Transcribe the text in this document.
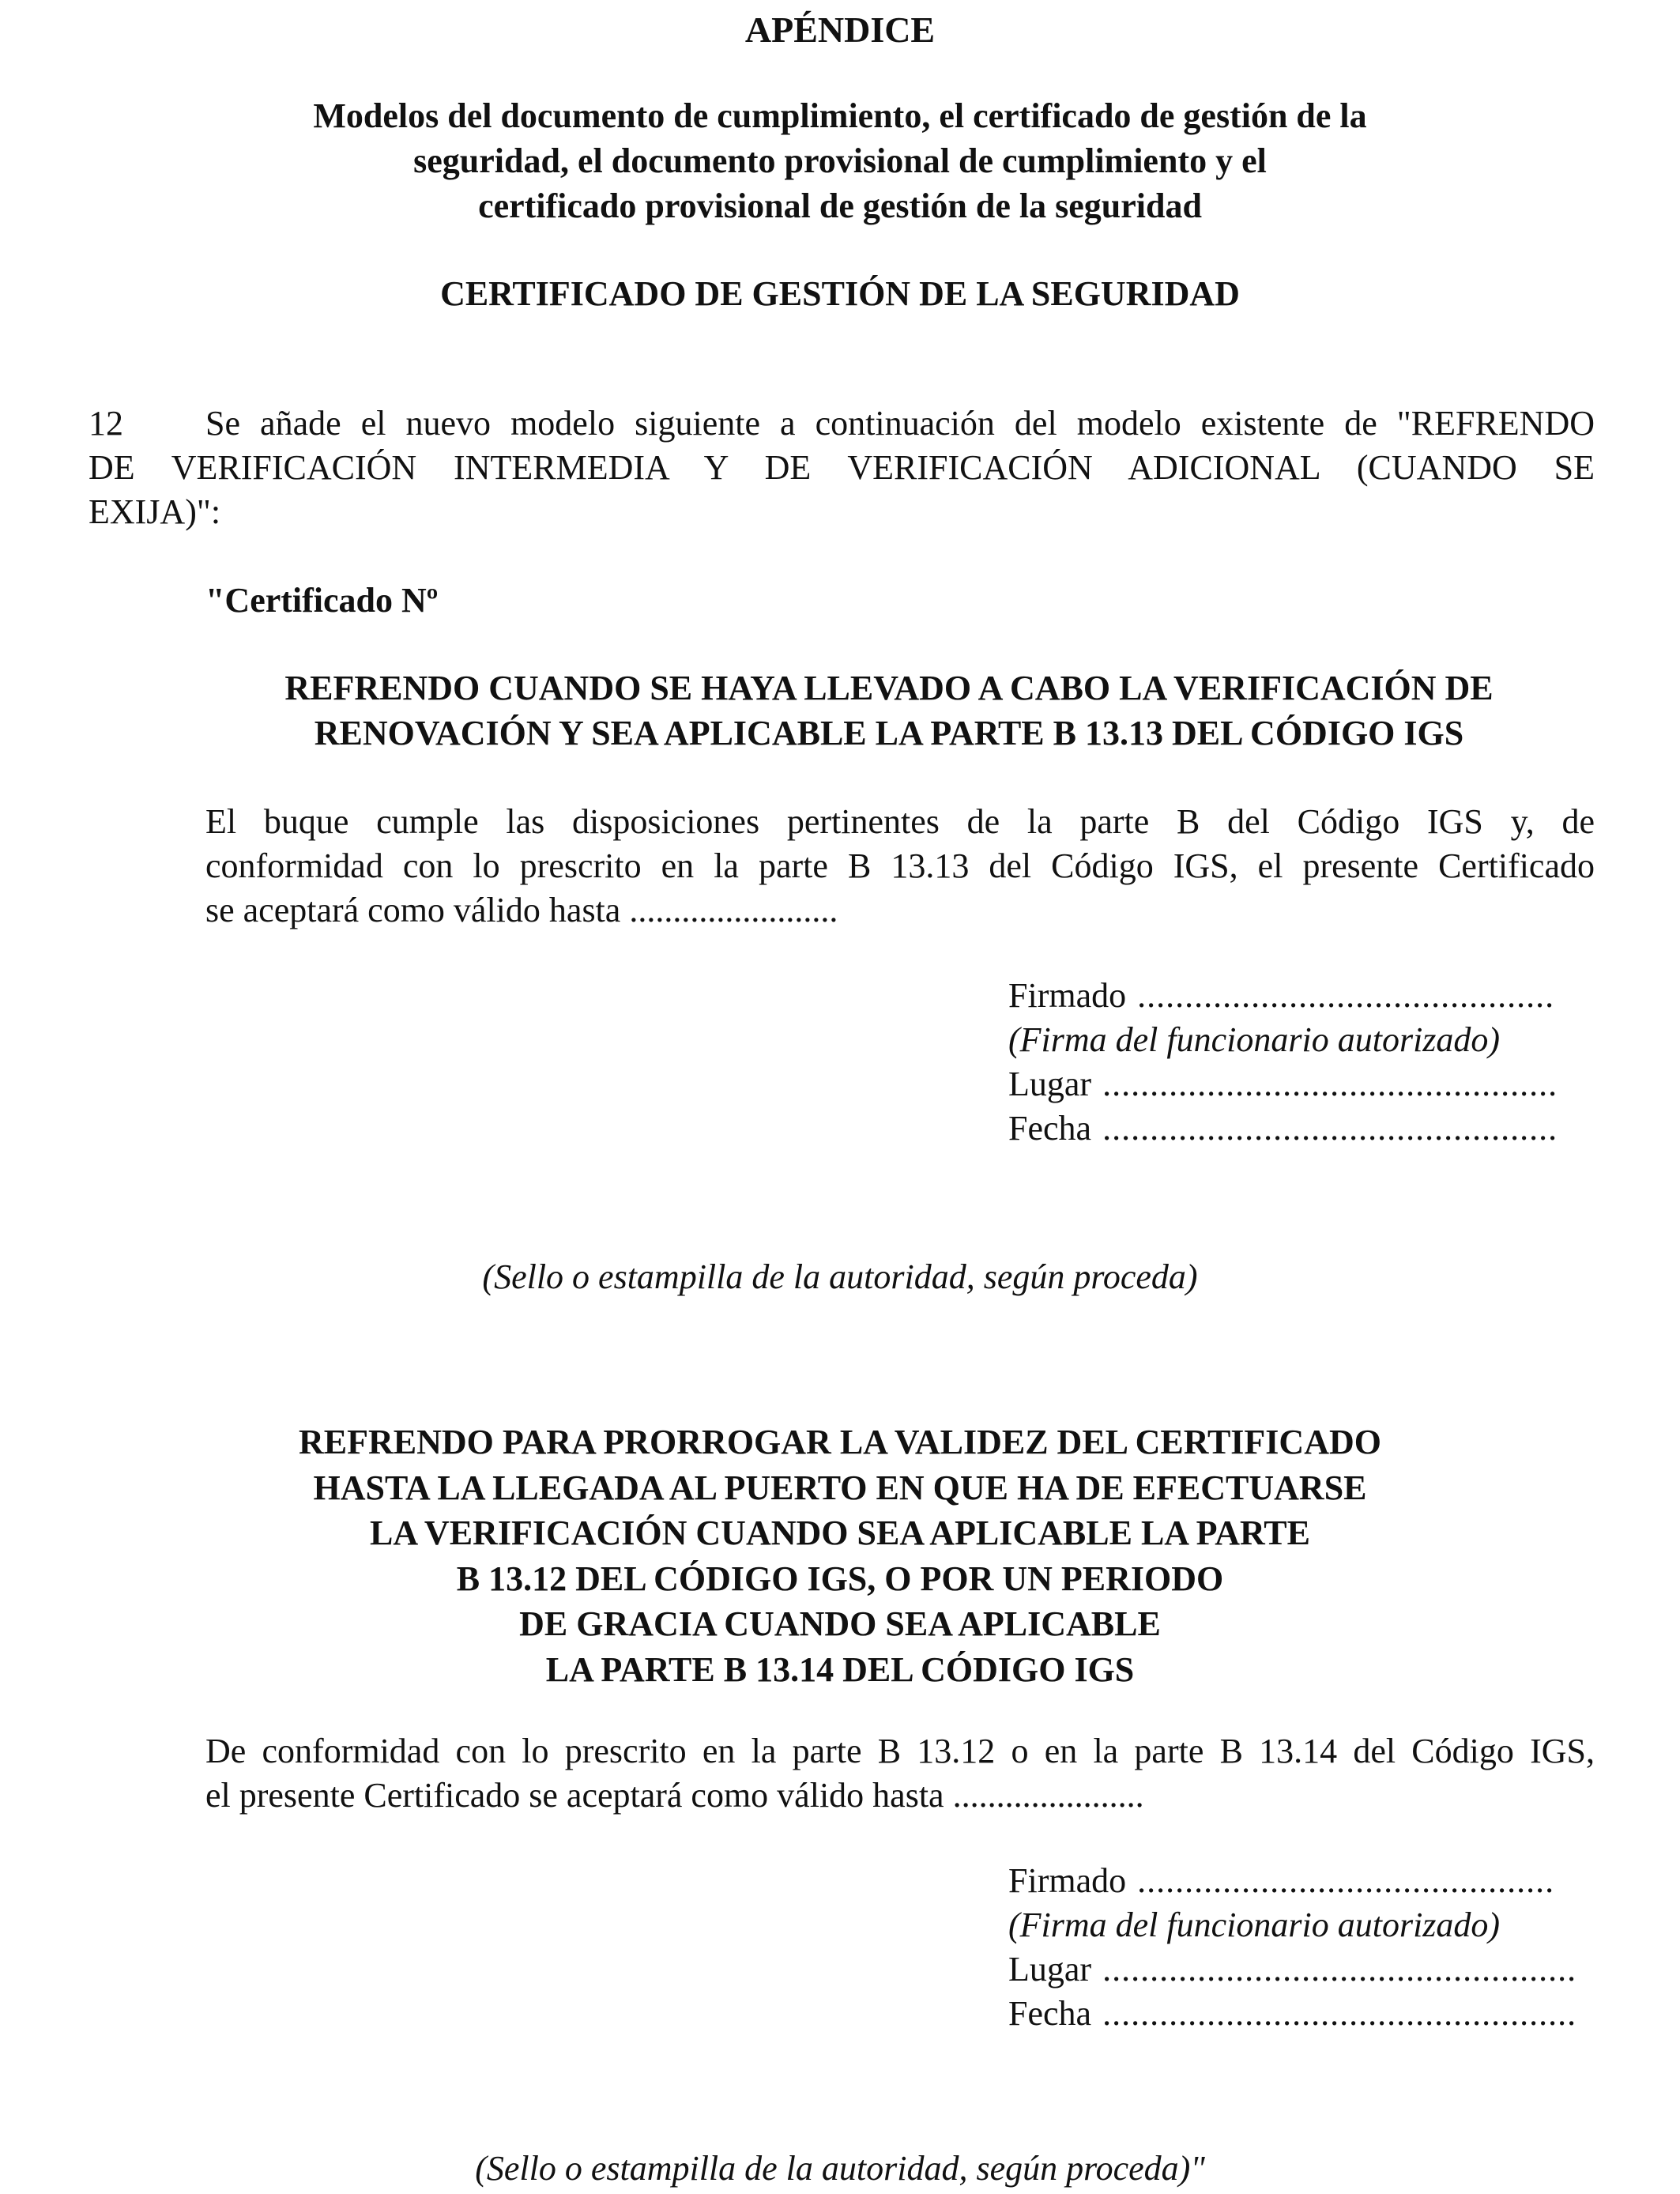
APÉNDICE
Modelos del documento de cumplimiento, el certificado de gestión de la
seguridad, el documento provisional de cumplimiento y el
certificado provisional de gestión de la seguridad
CERTIFICADO DE GESTIÓN DE LA SEGURIDAD
12 Se añade el nuevo modelo siguiente a continuación del modelo existente de "REFRENDO
DE VERIFICACIÓN INTERMEDIA Y DE VERIFICACIÓN ADICIONAL (CUANDO SE
EXIJA)":
"Certificado Nº
REFRENDO CUANDO SE HAYA LLEVADO A CABO LA VERIFICACIÓN DE
RENOVACIÓN Y SEA APLICABLE LA PARTE B 13.13 DEL CÓDIGO IGS
El buque cumple las disposiciones pertinentes de la parte B del Código IGS y, de
conformidad con lo prescrito en la parte B 13.13 del Código IGS, el presente Certificado
se aceptará como válido hasta ........................
Firmado ............................................
(Firma del funcionario autorizado)
Lugar ................................................
Fecha ................................................
(Sello o estampilla de la autoridad, según proceda)
REFRENDO PARA PRORROGAR LA VALIDEZ DEL CERTIFICADO
HASTA LA LLEGADA AL PUERTO EN QUE HA DE EFECTUARSE
LA VERIFICACIÓN CUANDO SEA APLICABLE LA PARTE
B 13.12 DEL CÓDIGO IGS, O POR UN PERIODO
DE GRACIA CUANDO SEA APLICABLE
LA PARTE B 13.14 DEL CÓDIGO IGS
De conformidad con lo prescrito en la parte B 13.12 o en la parte B 13.14 del Código IGS,
el presente Certificado se aceptará como válido hasta ......................
Firmado ............................................
(Firma del funcionario autorizado)
Lugar ..................................................
Fecha ..................................................
(Sello o estampilla de la autoridad, según proceda)"
